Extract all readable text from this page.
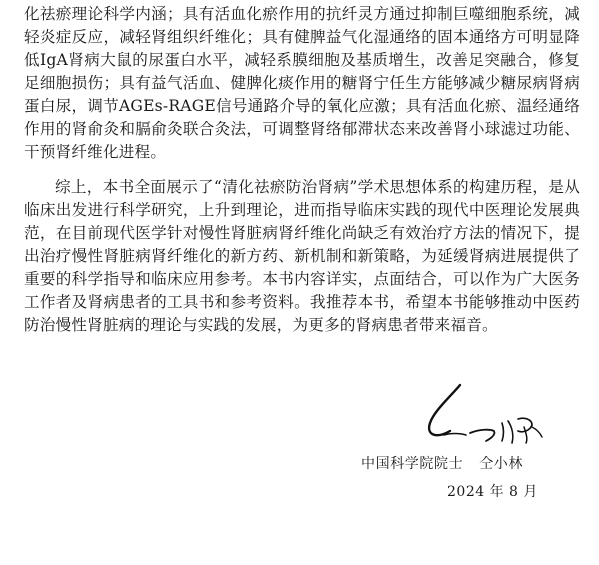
化祛瘀理论科学内涵；具有活血化瘀作用的抗纤灵方通过抑制巨噬细胞系统，减轻炎症反应，减轻肾组织纤维化；具有健脾益气化湿通络的固本通络方可明显降低IgA肾病大鼠的尿蛋白水平，减轻系膜细胞及基质增生，改善足突融合，修复足细胞损伤；具有益气活血、健脾化痰作用的糖肾宁任生方能够减少糖尿病肾病蛋白尿，调节AGEs-RAGE信号通路介导的氧化应激；具有活血化瘀、温经通络作用的肾俞灸和膈俞灸联合灸法，可调整肾络郁滞状态来改善肾小球滤过功能、干预肾纤维化进程。

综上，本书全面展示了“清化祛瘀防治肾病”学术思想体系的构建历程，是从临床出发进行科学研究，上升到理论，进而指导临床实践的现代中医理论发展典范，在目前现代医学针对慢性肾脏病肾纤维化尚缺乏有效治疗方法的情况下，提出治疗慢性肾脏病肾纤维化的新方药、新机制和新策略，为延缓肾病进展提供了重要的科学指导和临床应用参考。本书内容详实，点面结合，可以作为广大医务工作者及肾病患者的工具书和参考资料。我推荐本书，希望本书能够推动中医药防治慢性肾脏病的理论与实践的发展，为更多的肾病患者带来福音。

中国科学院院士 仝小林
2024 年 8 月
